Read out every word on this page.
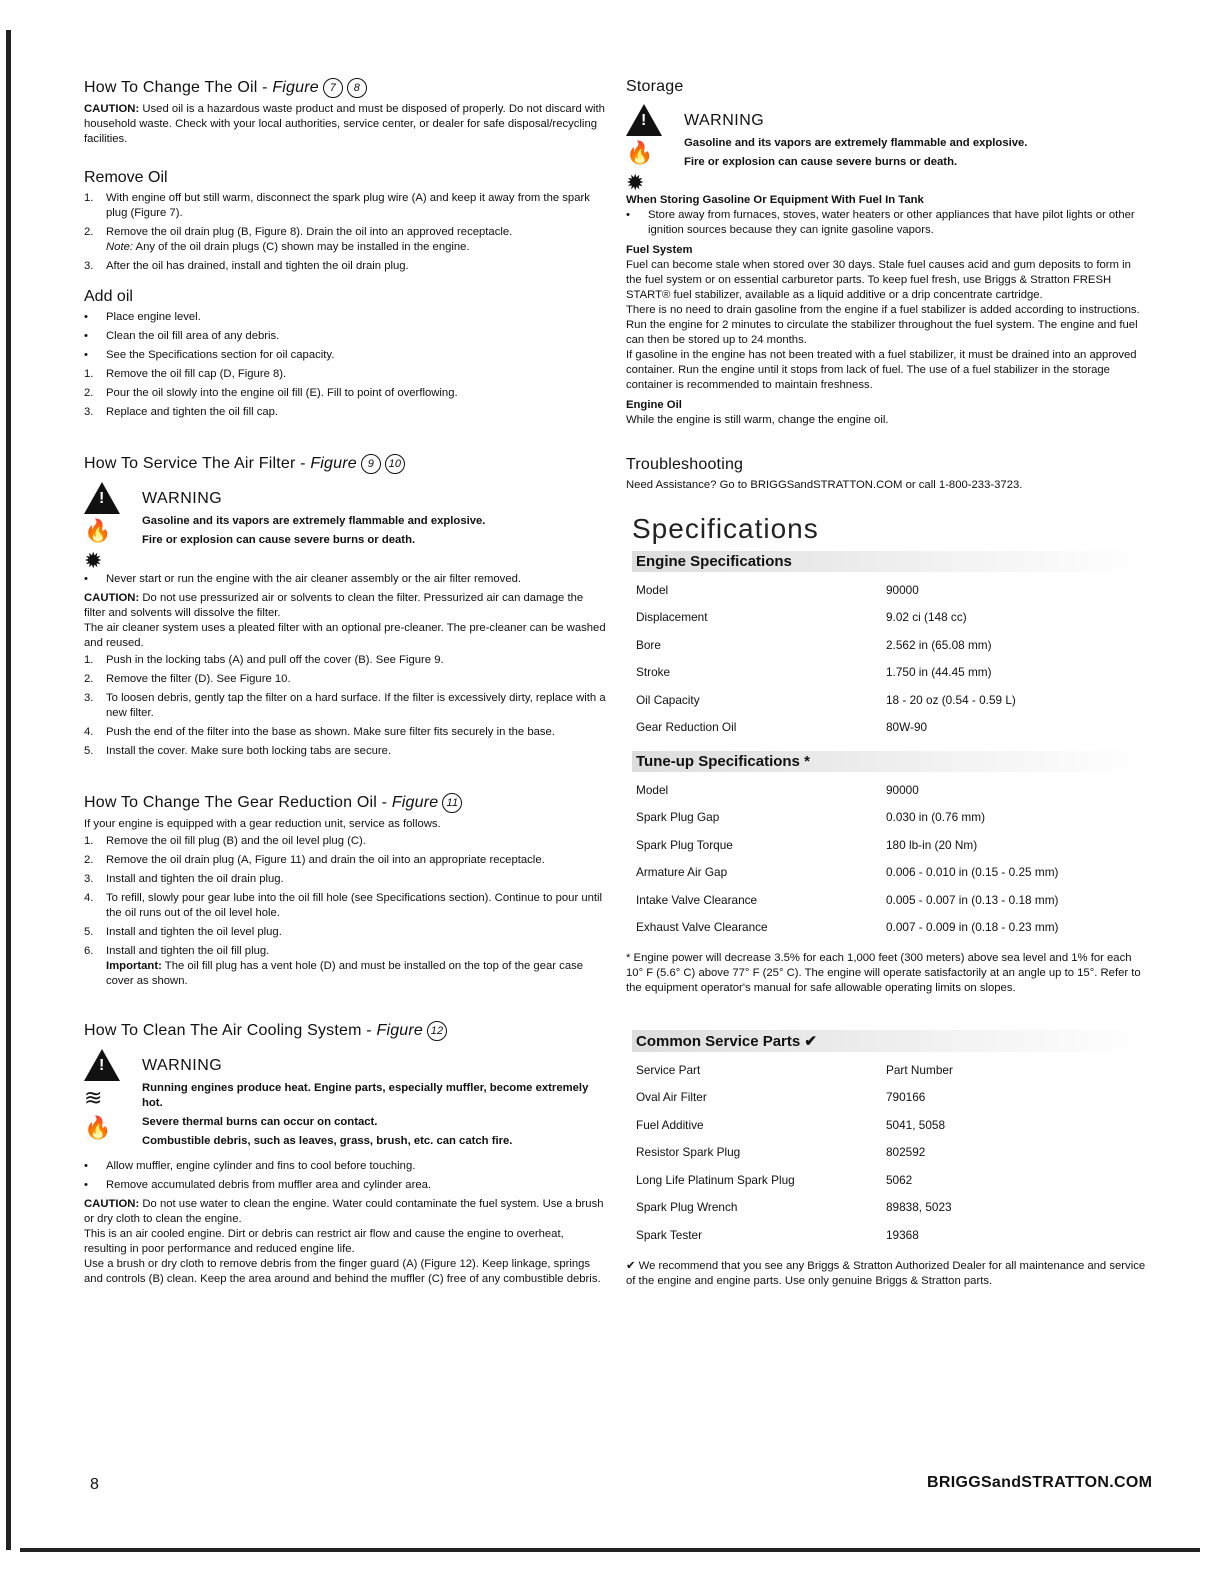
How To Change The Oil - Figure 7 8

CAUTION: Used oil is a hazardous waste product and must be disposed of properly. Do not discard with household waste. Check with your local authorities, service center, or dealer for safe disposal/recycling facilities.

Remove Oil
1. With engine off but still warm, disconnect the spark plug wire (A) and keep it away from the spark plug (Figure 7).
2. Remove the oil drain plug (B, Figure 8). Drain the oil into an approved receptacle.
Note: Any of the oil drain plugs (C) shown may be installed in the engine.
3. After the oil has drained, install and tighten the oil drain plug.
Add oil
• Place engine level.
• Clean the oil fill area of any debris.
• See the Specifications section for oil capacity.
1. Remove the oil fill cap (D, Figure 8).
2. Pour the oil slowly into the engine oil fill (E). Fill to point of overflowing.
3. Replace and tighten the oil fill cap.
How To Service The Air Filter - Figure 9 10
!
🔥
✹
WARNING
Gasoline and its vapors are extremely flammable and explosive.
Fire or explosion can cause severe burns or death.
• Never start or run the engine with the air cleaner assembly or the air filter removed.

CAUTION: Do not use pressurized air or solvents to clean the filter. Pressurized air can damage the filter and solvents will dissolve the filter.

The air cleaner system uses a pleated filter with an optional pre-cleaner. The pre-cleaner can be washed and reused.

1. Push in the locking tabs (A) and pull off the cover (B). See Figure 9.
2. Remove the filter (D). See Figure 10.
3. To loosen debris, gently tap the filter on a hard surface. If the filter is excessively dirty, replace with a new filter.
4. Push the end of the filter into the base as shown. Make sure filter fits securely in the base.
5. Install the cover. Make sure both locking tabs are secure.
How To Change The Gear Reduction Oil - Figure 11

If your engine is equipped with a gear reduction unit, service as follows.

1. Remove the oil fill plug (B) and the oil level plug (C).
2. Remove the oil drain plug (A, Figure 11) and drain the oil into an appropriate receptacle.
3. Install and tighten the oil drain plug.
4. To refill, slowly pour gear lube into the oil fill hole (see Specifications section). Continue to pour until the oil runs out of the oil level hole.
5. Install and tighten the oil level plug.
6. Install and tighten the oil fill plug.
Important: The oil fill plug has a vent hole (D) and must be installed on the top of the gear case cover as shown.
How To Clean The Air Cooling System - Figure 12
!
≋
🔥
WARNING
Running engines produce heat. Engine parts, especially muffler, become extremely hot.
Severe thermal burns can occur on contact.
Combustible debris, such as leaves, grass, brush, etc. can catch fire.
• Allow muffler, engine cylinder and fins to cool before touching.
• Remove accumulated debris from muffler area and cylinder area.

CAUTION: Do not use water to clean the engine. Water could contaminate the fuel system. Use a brush or dry cloth to clean the engine.

This is an air cooled engine. Dirt or debris can restrict air flow and cause the engine to overheat, resulting in poor performance and reduced engine life.

Use a brush or dry cloth to remove debris from the finger guard (A) (Figure 12). Keep linkage, springs and controls (B) clean. Keep the area around and behind the muffler (C) free of any combustible debris.

Storage
!
🔥
✹
WARNING
Gasoline and its vapors are extremely flammable and explosive.
Fire or explosion can cause severe burns or death.
When Storing Gasoline Or Equipment With Fuel In Tank
• Store away from furnaces, stoves, water heaters or other appliances that have pilot lights or other ignition sources because they can ignite gasoline vapors.
Fuel System

Fuel can become stale when stored over 30 days. Stale fuel causes acid and gum deposits to form in the fuel system or on essential carburetor parts. To keep fuel fresh, use Briggs & Stratton FRESH START® fuel stabilizer, available as a liquid additive or a drip concentrate cartridge.

There is no need to drain gasoline from the engine if a fuel stabilizer is added according to instructions. Run the engine for 2 minutes to circulate the stabilizer throughout the fuel system. The engine and fuel can then be stored up to 24 months.

If gasoline in the engine has not been treated with a fuel stabilizer, it must be drained into an approved container. Run the engine until it stops from lack of fuel. The use of a fuel stabilizer in the storage container is recommended to maintain freshness.

Engine Oil

While the engine is still warm, change the engine oil.

Troubleshooting

Need Assistance? Go to BRIGGSandSTRATTON.COM or call 1-800-233-3723.

Specifications
Engine Specifications
Model	90000
Displacement	9.02 ci (148 cc)
Bore	2.562 in (65.08 mm)
Stroke	1.750 in (44.45 mm)
Oil Capacity	18 - 20 oz (0.54 - 0.59 L)
Gear Reduction Oil	80W-90
Tune-up Specifications *
Model	90000
Spark Plug Gap	0.030 in (0.76 mm)
Spark Plug Torque	180 lb-in (20 Nm)
Armature Air Gap	0.006 - 0.010 in (0.15 - 0.25 mm)
Intake Valve Clearance	0.005 - 0.007 in (0.13 - 0.18 mm)
Exhaust Valve Clearance	0.007 - 0.009 in (0.18 - 0.23 mm)

* Engine power will decrease 3.5% for each 1,000 feet (300 meters) above sea level and 1% for each 10° F (5.6° C) above 77° F (25° C). The engine will operate satisfactorily at an angle up to 15°. Refer to the equipment operator's manual for safe allowable operating limits on slopes.

Common Service Parts ✔
Service Part	Part Number
Oval Air Filter	790166
Fuel Additive	5041, 5058
Resistor Spark Plug	802592
Long Life Platinum Spark Plug	5062
Spark Plug Wrench	89838, 5023
Spark Tester	19368

✔ We recommend that you see any Briggs & Stratton Authorized Dealer for all maintenance and service of the engine and engine parts. Use only genuine Briggs & Stratton parts.

8	BRIGGSandSTRATTON.COM
